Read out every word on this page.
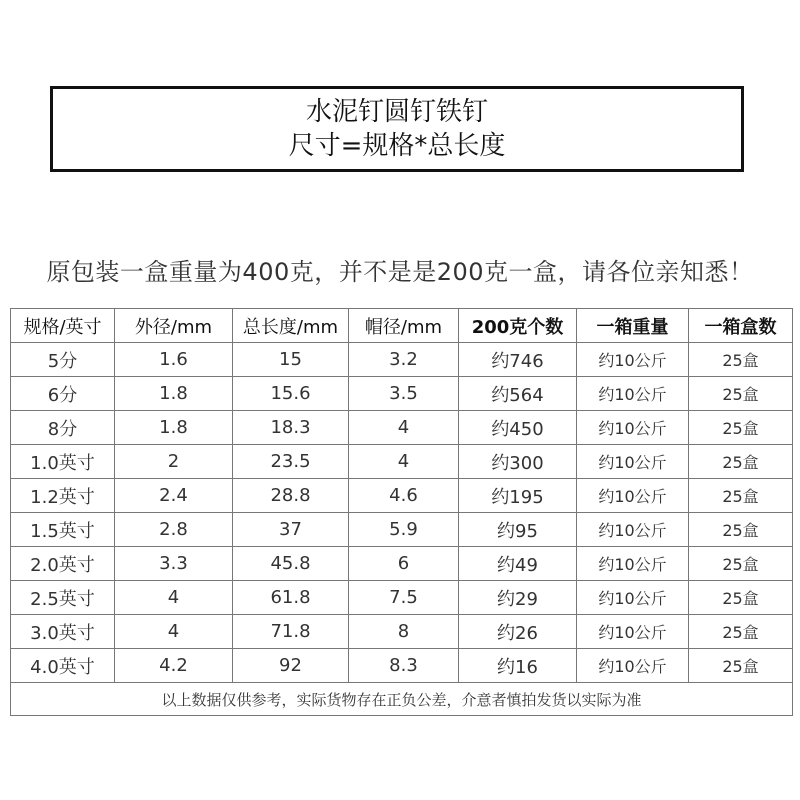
水泥钉圆钉铁钉
尺寸=规格*总长度
原包装一盒重量为400克，并不是是200克一盒，请各位亲知悉！
规格/英寸	外径/mm	总长度/mm	帽径/mm	200克个数	一箱重量	一箱盒数
5分	1.6	15	3.2	约746	约10公斤	25盒
6分	1.8	15.6	3.5	约564	约10公斤	25盒
8分	1.8	18.3	4	约450	约10公斤	25盒
1.0英寸	2	23.5	4	约300	约10公斤	25盒
1.2英寸	2.4	28.8	4.6	约195	约10公斤	25盒
1.5英寸	2.8	37	5.9	约95	约10公斤	25盒
2.0英寸	3.3	45.8	6	约49	约10公斤	25盒
2.5英寸	4	61.8	7.5	约29	约10公斤	25盒
3.0英寸	4	71.8	8	约26	约10公斤	25盒
4.0英寸	4.2	92	8.3	约16	约10公斤	25盒
以上数据仅供参考，实际货物存在正负公差，介意者慎拍发货以实际为准						
